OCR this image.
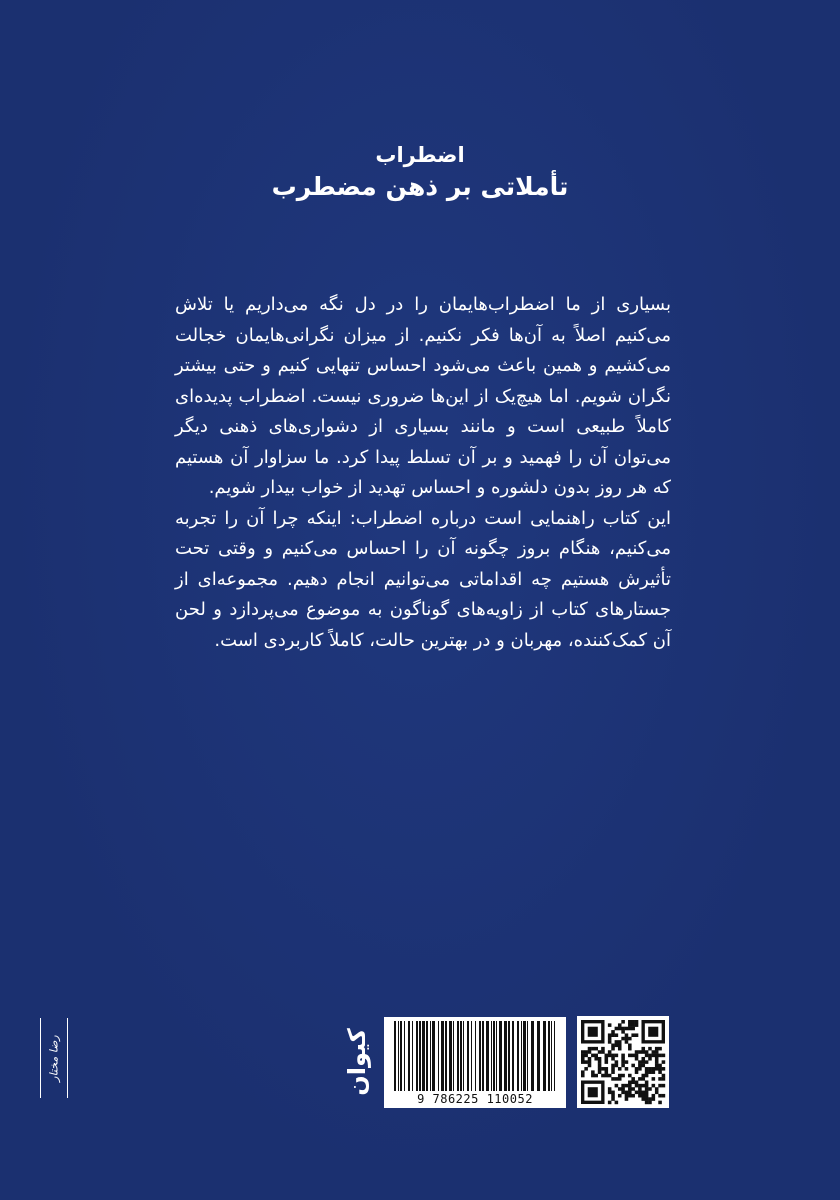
اضطراب
تأملاتی بر ذهن مضطرب

بسیاری از ما اضطراب‌هایمان را در دل نگه می‌داریم یا تلاش می‌کنیم اصلاً به آن‌ها فکر نکنیم. از میزان نگرانی‌هایمان خجالت می‌کشیم و همین باعث می‌شود احساس تنهایی کنیم و حتی بیشتر نگران شویم. اما هیچ‌یک از این‌ها ضروری نیست. اضطراب پدیده‌ای کاملاً طبیعی است و مانند بسیاری از دشواری‌های ذهنی دیگر می‌توان آن را فهمید و بر آن تسلط پیدا کرد. ما سزاوار آن هستیم که هر روز بدون دلشوره و احساس تهدید از خواب بیدار شویم.

این کتاب راهنمایی است درباره اضطراب: اینکه چرا آن را تجربه می‌کنیم، هنگام بروز چگونه آن را احساس می‌کنیم و وقتی تحت تأثیرش هستیم چه اقداماتی می‌توانیم انجام دهیم. مجموعه‌ای از جستارهای کتاب از زاویه‌های گوناگون به موضوع می‌پردازد و لحن آن کمک‌کننده، مهربان و در بهترین حالت، کاملاً کاربردی است.

رضا مختار	کیوان
9 786225 110052
